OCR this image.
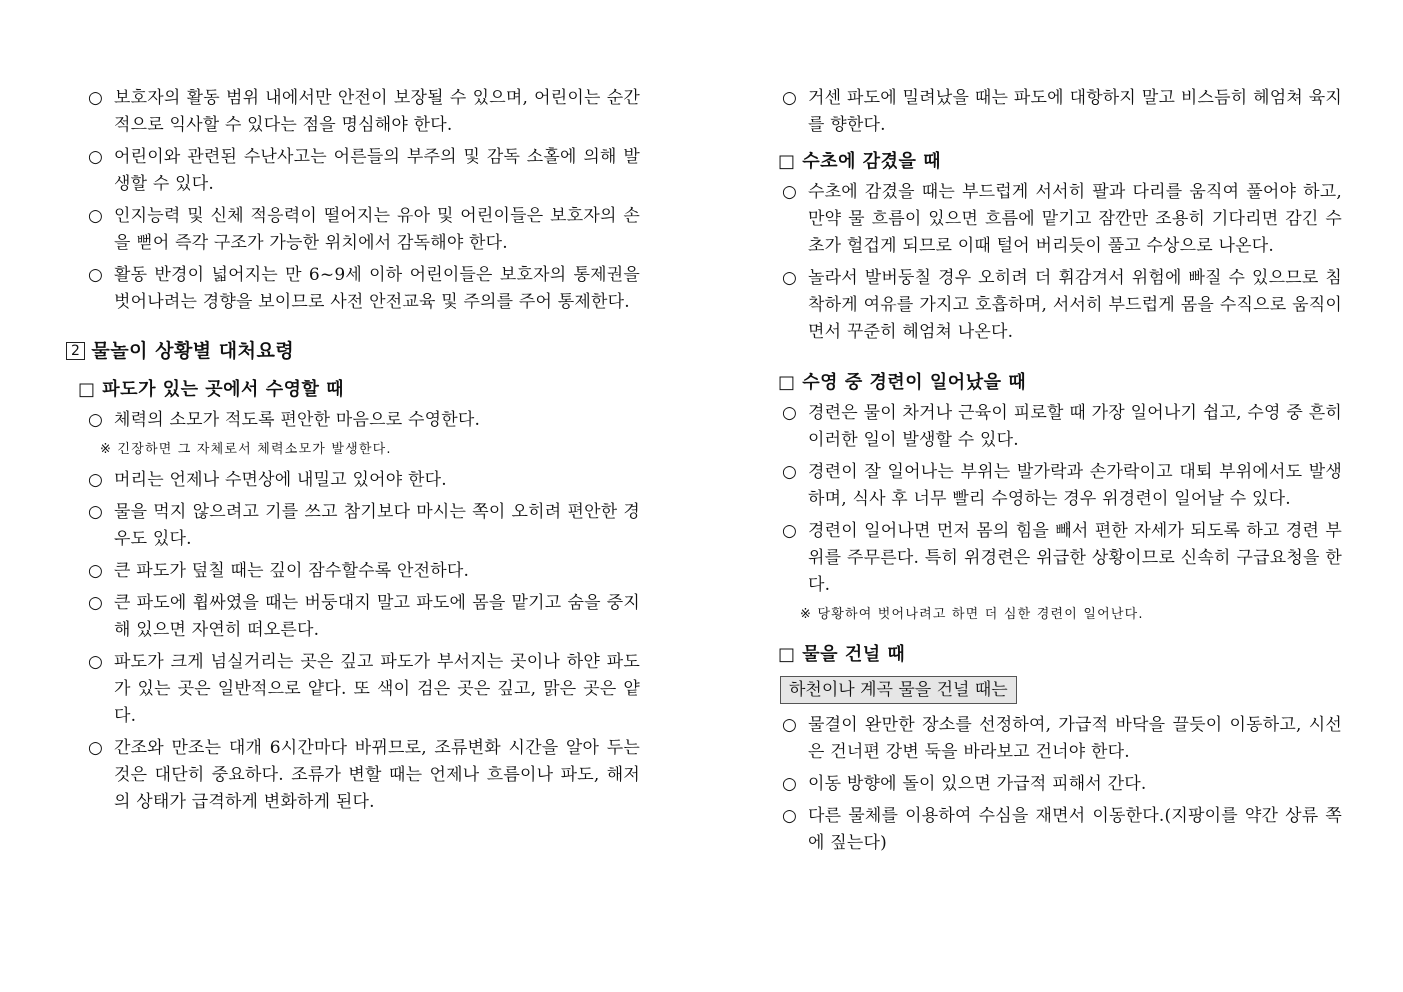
○ 보호자의 활동 범위 내에서만 안전이 보장될 수 있으며, 어린이는 순간적으로 익사할 수 있다는 점을 명심해야 한다.
○ 어린이와 관련된 수난사고는 어른들의 부주의 및 감독 소홀에 의해 발생할 수 있다.
○ 인지능력 및 신체 적응력이 떨어지는 유아 및 어린이들은 보호자의 손을 뻗어 즉각 구조가 가능한 위치에서 감독해야 한다.
○ 활동 반경이 넓어지는 만 6~9세 이하 어린이들은 보호자의 통제권을 벗어나려는 경향을 보이므로 사전 안전교육 및 주의를 주어 통제한다.
2 물놀이 상황별 대처요령
□ 파도가 있는 곳에서 수영할 때
○ 체력의 소모가 적도록 편안한 마음으로 수영한다.
※ 긴장하면 그 자체로서 체력소모가 발생한다.
○ 머리는 언제나 수면상에 내밀고 있어야 한다.
○ 물을 먹지 않으려고 기를 쓰고 참기보다 마시는 쪽이 오히려 편안한 경우도 있다.
○ 큰 파도가 덮칠 때는 깊이 잠수할수록 안전하다.
○ 큰 파도에 휩싸였을 때는 버둥대지 말고 파도에 몸을 맡기고 숨을 중지해 있으면 자연히 떠오른다.
○ 파도가 크게 넘실거리는 곳은 깊고 파도가 부서지는 곳이나 하얀 파도가 있는 곳은 일반적으로 얕다. 또 색이 검은 곳은 깊고, 맑은 곳은 얕다.
○ 간조와 만조는 대개 6시간마다 바뀌므로, 조류변화 시간을 알아 두는 것은 대단히 중요하다. 조류가 변할 때는 언제나 흐름이나 파도, 해저의 상태가 급격하게 변화하게 된다.
○ 거센 파도에 밀려났을 때는 파도에 대항하지 말고 비스듬히 헤엄쳐 육지를 향한다.
□ 수초에 감겼을 때
○ 수초에 감겼을 때는 부드럽게 서서히 팔과 다리를 움직여 풀어야 하고, 만약 물 흐름이 있으면 흐름에 맡기고 잠깐만 조용히 기다리면 감긴 수초가 헐겁게 되므로 이때 털어 버리듯이 풀고 수상으로 나온다.
○ 놀라서 발버둥칠 경우 오히려 더 휘감겨서 위험에 빠질 수 있으므로 침착하게 여유를 가지고 호흡하며, 서서히 부드럽게 몸을 수직으로 움직이면서 꾸준히 헤엄쳐 나온다.
□ 수영 중 경련이 일어났을 때
○ 경련은 물이 차거나 근육이 피로할 때 가장 일어나기 쉽고, 수영 중 흔히 이러한 일이 발생할 수 있다.
○ 경련이 잘 일어나는 부위는 발가락과 손가락이고 대퇴 부위에서도 발생하며, 식사 후 너무 빨리 수영하는 경우 위경련이 일어날 수 있다.
○ 경련이 일어나면 먼저 몸의 힘을 빼서 편한 자세가 되도록 하고 경련 부위를 주무른다. 특히 위경련은 위급한 상황이므로 신속히 구급요청을 한다.
※ 당황하여 벗어나려고 하면 더 심한 경련이 일어난다.
□ 물을 건널 때
하천이나 계곡 물을 건널 때는
○ 물결이 완만한 장소를 선정하여, 가급적 바닥을 끌듯이 이동하고, 시선은 건너편 강변 둑을 바라보고 건너야 한다.
○ 이동 방향에 돌이 있으면 가급적 피해서 간다.
○ 다른 물체를 이용하여 수심을 재면서 이동한다.(지팡이를 약간 상류 쪽에 짚는다)
